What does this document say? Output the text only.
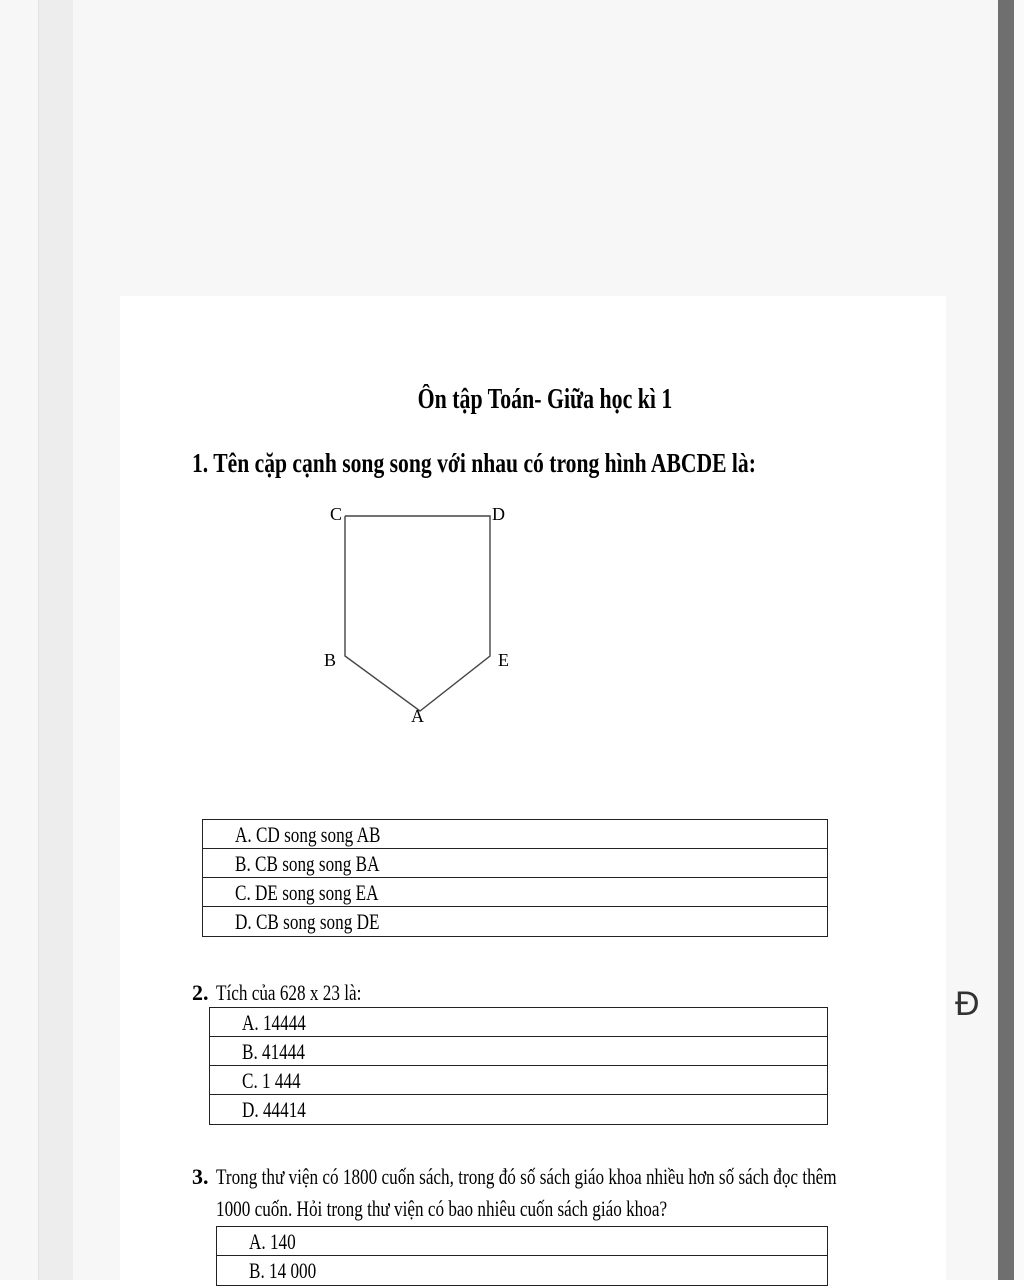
Ôn tập Toán- Giữa học kì 1
1. Tên cặp cạnh song song với nhau có trong hình ABCDE là:
C	D
B	E
A
A. CD song song AB
B. CB song song BA
C. DE song song EA
D. CB song song DE
2. Tích của 628 x 23 là:
A. 14444
B. 41444
C. 1 444
D. 44414
3. Trong thư viện có 1800 cuốn sách, trong đó số sách giáo khoa nhiều hơn số sách đọc thêm
1000 cuốn. Hỏi trong thư viện có bao nhiêu cuốn sách giáo khoa?
A. 140
B. 14 000
Đ
